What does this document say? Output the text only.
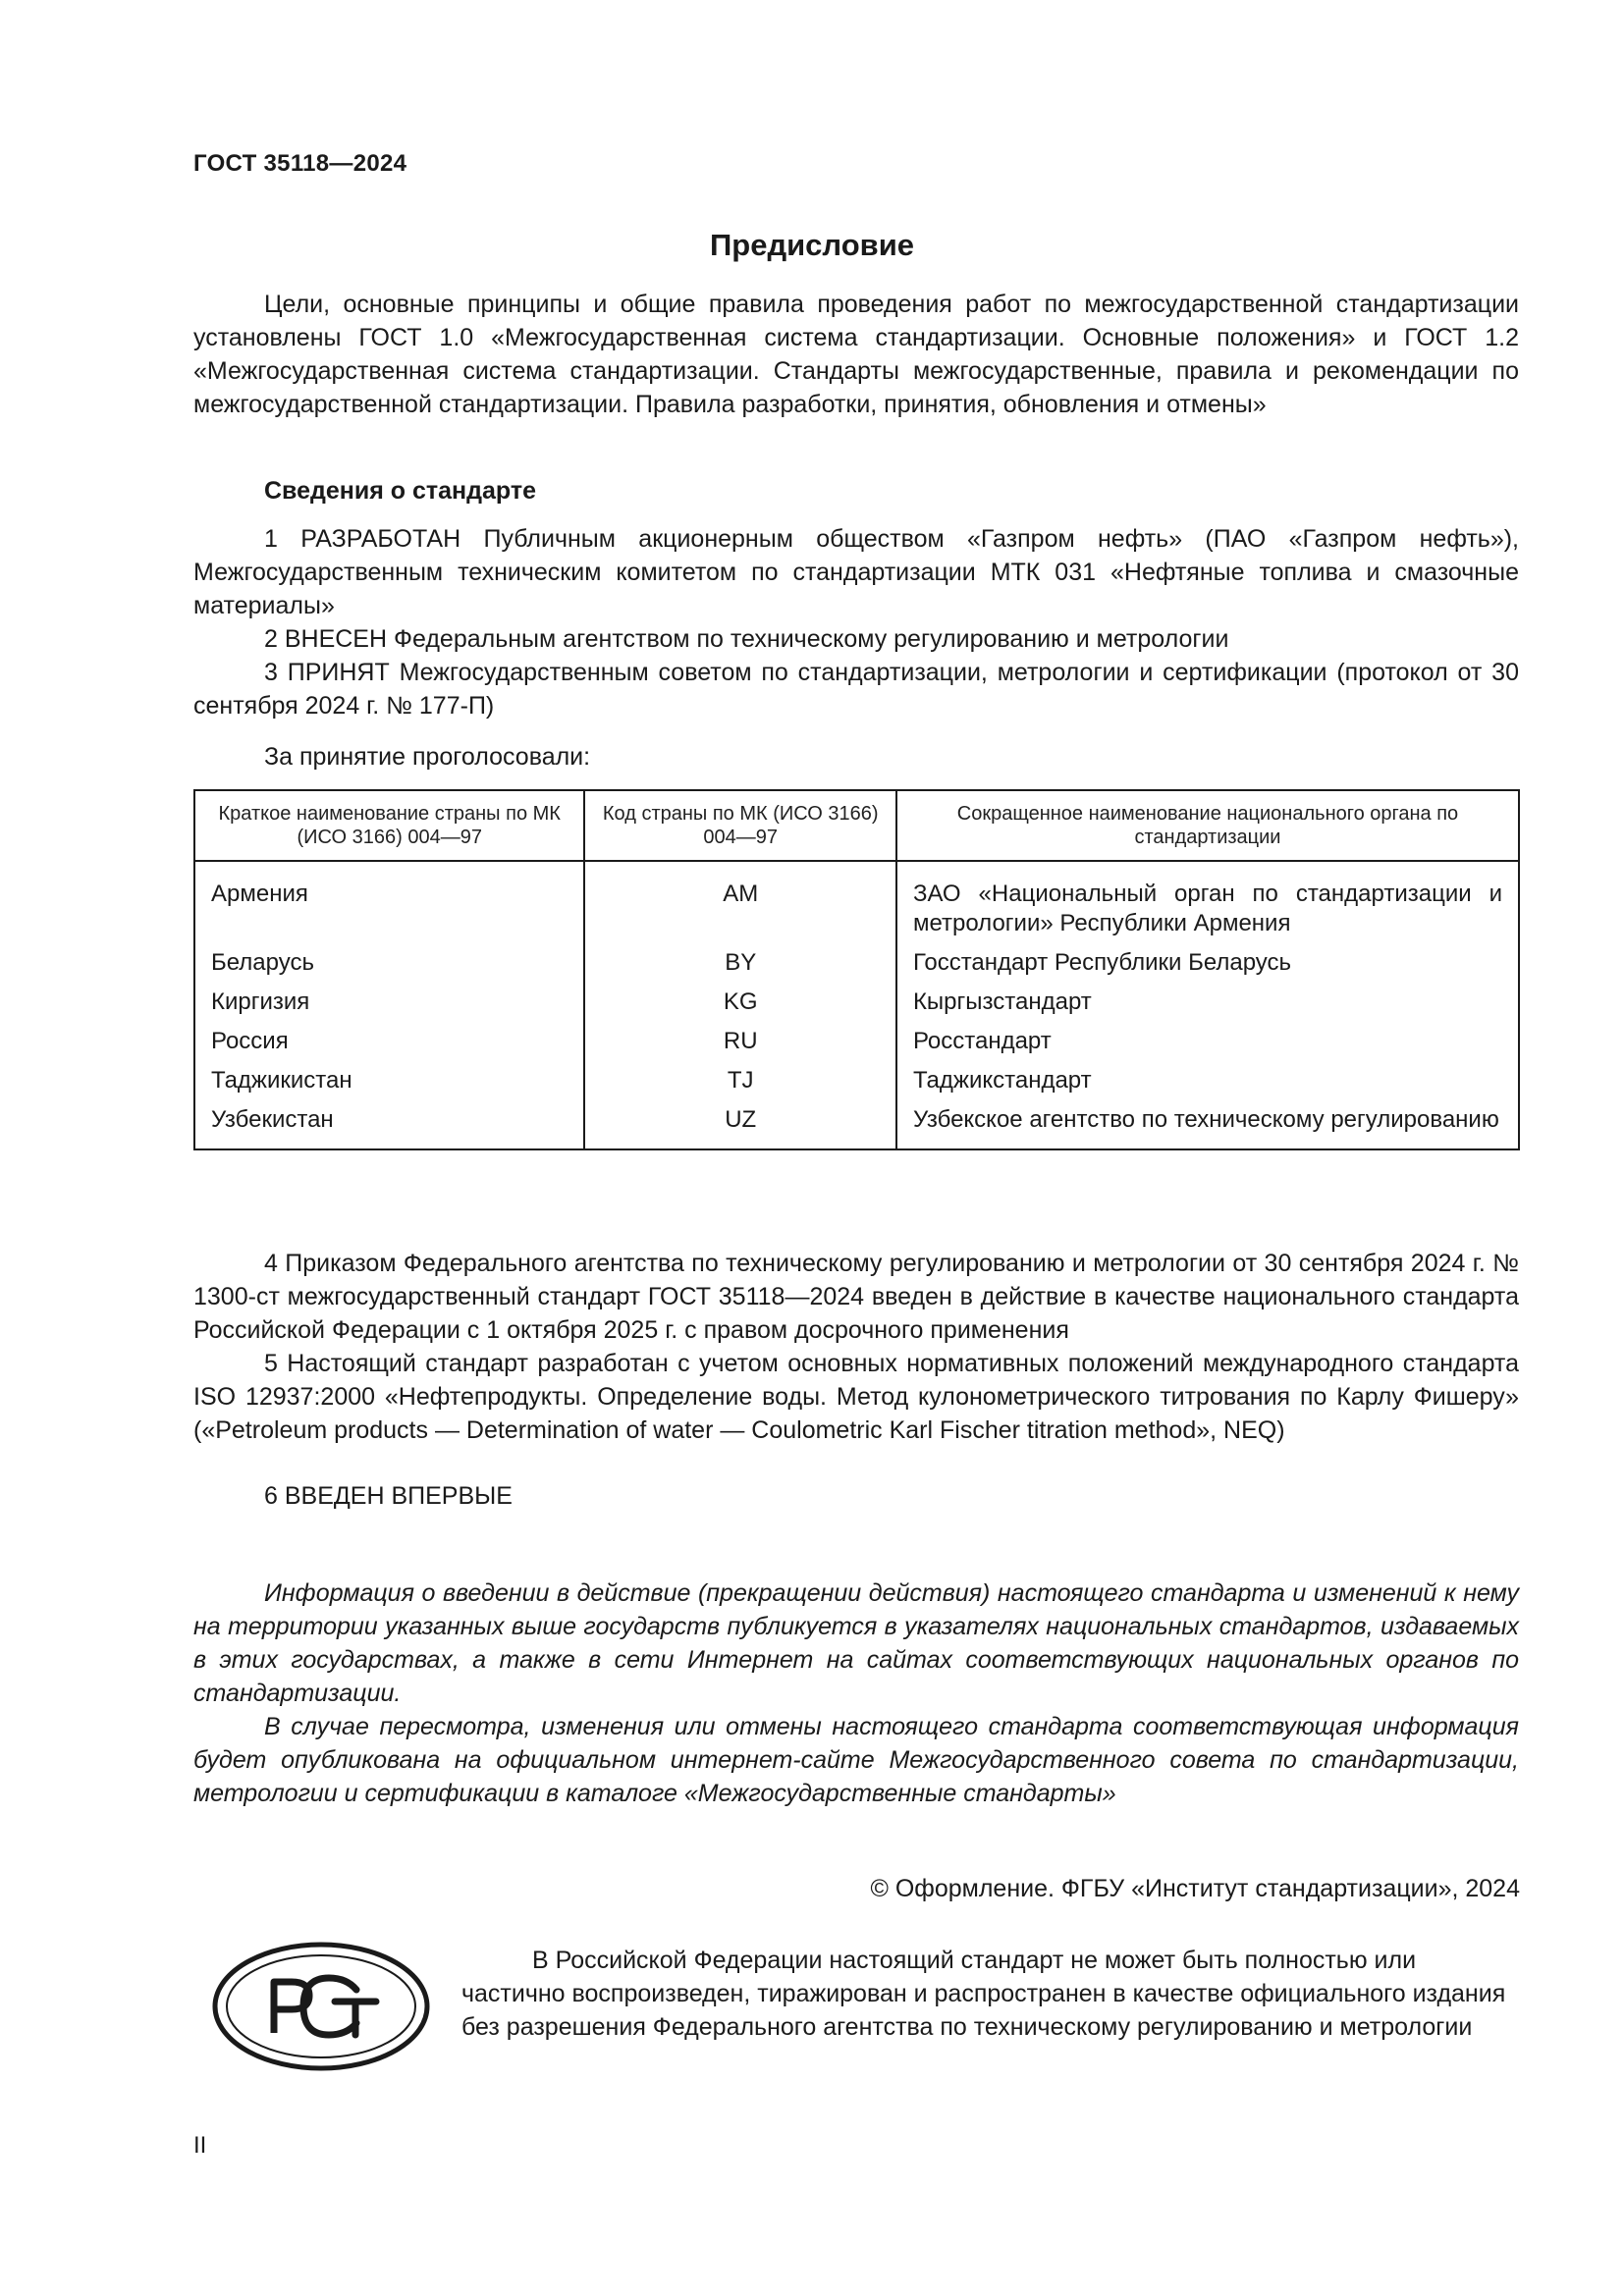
ГОСТ 35118—2024
Предисловие

Цели, основные принципы и общие правила проведения работ по межгосударственной стандартизации установлены ГОСТ 1.0 «Межгосударственная система стандартизации. Основные положения» и ГОСТ 1.2 «Межгосударственная система стандартизации. Стандарты межгосударственные, правила и рекомендации по межгосударственной стандартизации. Правила разработки, принятия, обновления и отмены»

Сведения о стандарте

1 РАЗРАБОТАН Публичным акционерным обществом «Газпром нефть» (ПАО «Газпром нефть»), Межгосударственным техническим комитетом по стандартизации МТК 031 «Нефтяные топлива и смазочные материалы»

2 ВНЕСЕН Федеральным агентством по техническому регулированию и метрологии

3 ПРИНЯТ Межгосударственным советом по стандартизации, метрологии и сертификации (протокол от 30 сентября 2024 г. № 177-П)

За принятие проголосовали:
Краткое наименование страны по МК (ИСО 3166) 004—97	Код страны по МК (ИСО 3166) 004—97	Сокращенное наименование национального органа по стандартизации
Армения	AM	ЗАО «Национальный орган по стандартизации и метрологии» Республики Армения
Беларусь	BY	Госстандарт Республики Беларусь
Киргизия	KG	Кыргызстандарт
Россия	RU	Росстандарт
Таджикистан	TJ	Таджикстандарт
Узбекистан	UZ	Узбекское агентство по техническому регулированию

4 Приказом Федерального агентства по техническому регулированию и метрологии от 30 сентября 2024 г. № 1300-ст межгосударственный стандарт ГОСТ 35118—2024 введен в действие в качестве национального стандарта Российской Федерации с 1 октября 2025 г. с правом досрочного применения

5 Настоящий стандарт разработан с учетом основных нормативных положений международного стандарта ISO 12937:2000 «Нефтепродукты. Определение воды. Метод кулонометрического титрования по Карлу Фишеру» («Petroleum products — Determination of water — Coulometric Karl Fischer titration method», NEQ)

6 ВВЕДЕН ВПЕРВЫЕ

Информация о введении в действие (прекращении действия) настоящего стандарта и изменений к нему на территории указанных выше государств публикуется в указателях национальных стандартов, издаваемых в этих государствах, а также в сети Интернет на сайтах соответствующих национальных органов по стандартизации.

В случае пересмотра, изменения или отмены настоящего стандарта соответствующая информация будет опубликована на официальном интернет-сайте Межгосударственного совета по стандартизации, метрологии и сертификации в каталоге «Межгосударственные стандарты»

© Оформление. ФГБУ «Институт стандартизации», 2024

В Российской Федерации настоящий стандарт не может быть полностью или частично воспроизведен, тиражирован и распространен в качестве официального издания без разрешения Федерального агентства по техническому регулированию и метрологии

II
